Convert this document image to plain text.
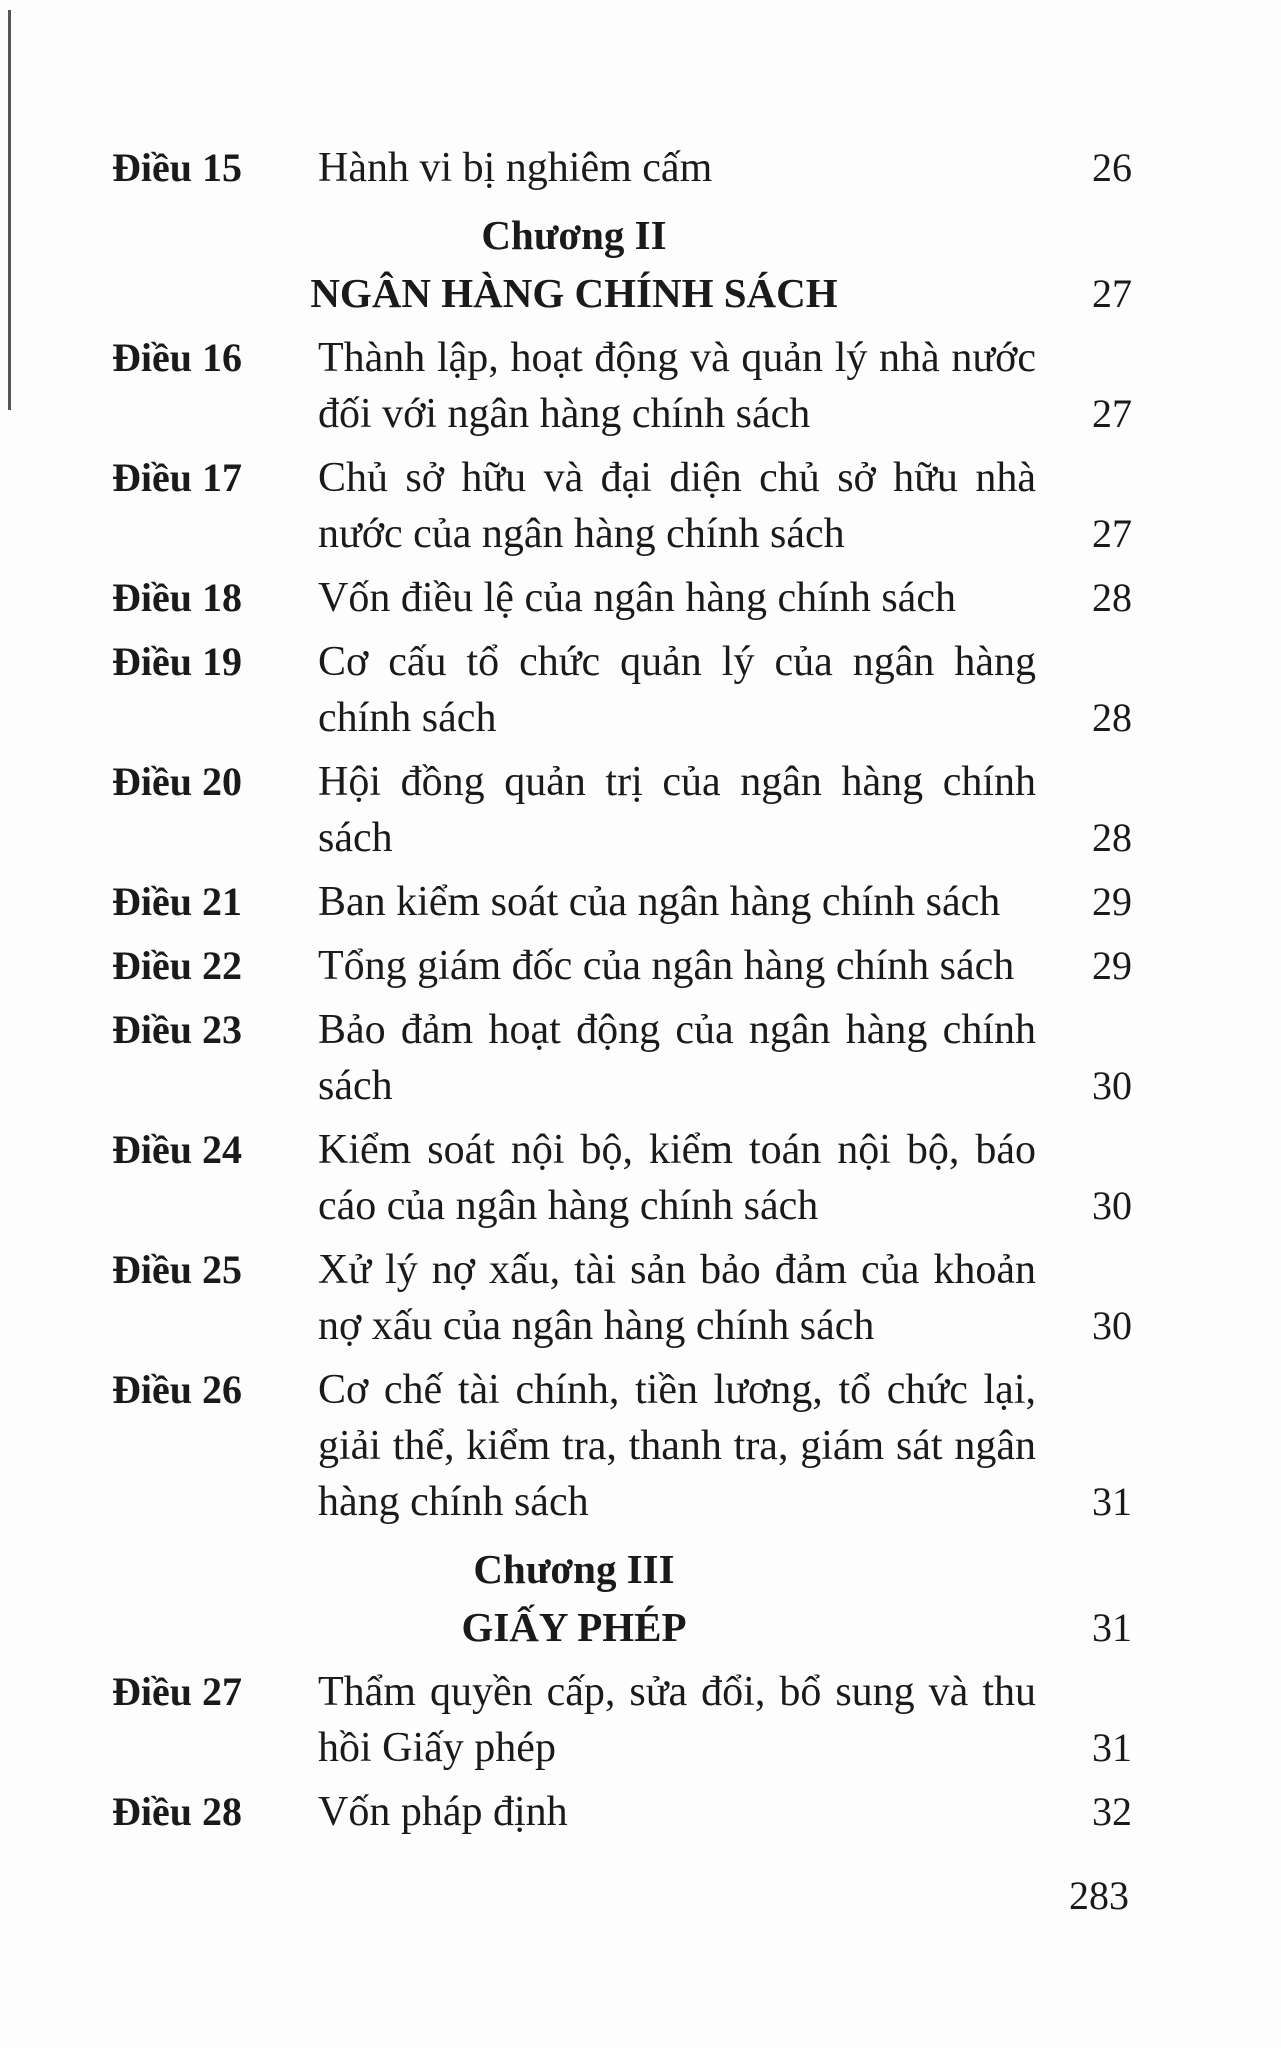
Điều 15	Hành vi bị nghiêm cấm	26
Chương II
NGÂN HÀNG CHÍNH SÁCH	27
Điều 16	Thành lập, hoạt động và quản lý nhà nước đối với ngân hàng chính sách	27
Điều 17	Chủ sở hữu và đại diện chủ sở hữu nhà nước của ngân hàng chính sách	27
Điều 18	Vốn điều lệ của ngân hàng chính sách	28
Điều 19	Cơ cấu tổ chức quản lý của ngân hàng chính sách	28
Điều 20	Hội đồng quản trị của ngân hàng chính sách	28
Điều 21	Ban kiểm soát của ngân hàng chính sách	29
Điều 22	Tổng giám đốc của ngân hàng chính sách	29
Điều 23	Bảo đảm hoạt động của ngân hàng chính sách	30
Điều 24	Kiểm soát nội bộ, kiểm toán nội bộ, báo cáo của ngân hàng chính sách	30
Điều 25	Xử lý nợ xấu, tài sản bảo đảm của khoản nợ xấu của ngân hàng chính sách	30
Điều 26	Cơ chế tài chính, tiền lương, tổ chức lại, giải thể, kiểm tra, thanh tra, giám sát ngân hàng chính sách	31
Chương III
GIẤY PHÉP	31
Điều 27	Thẩm quyền cấp, sửa đổi, bổ sung và thu hồi Giấy phép	31
Điều 28	Vốn pháp định	32
283
